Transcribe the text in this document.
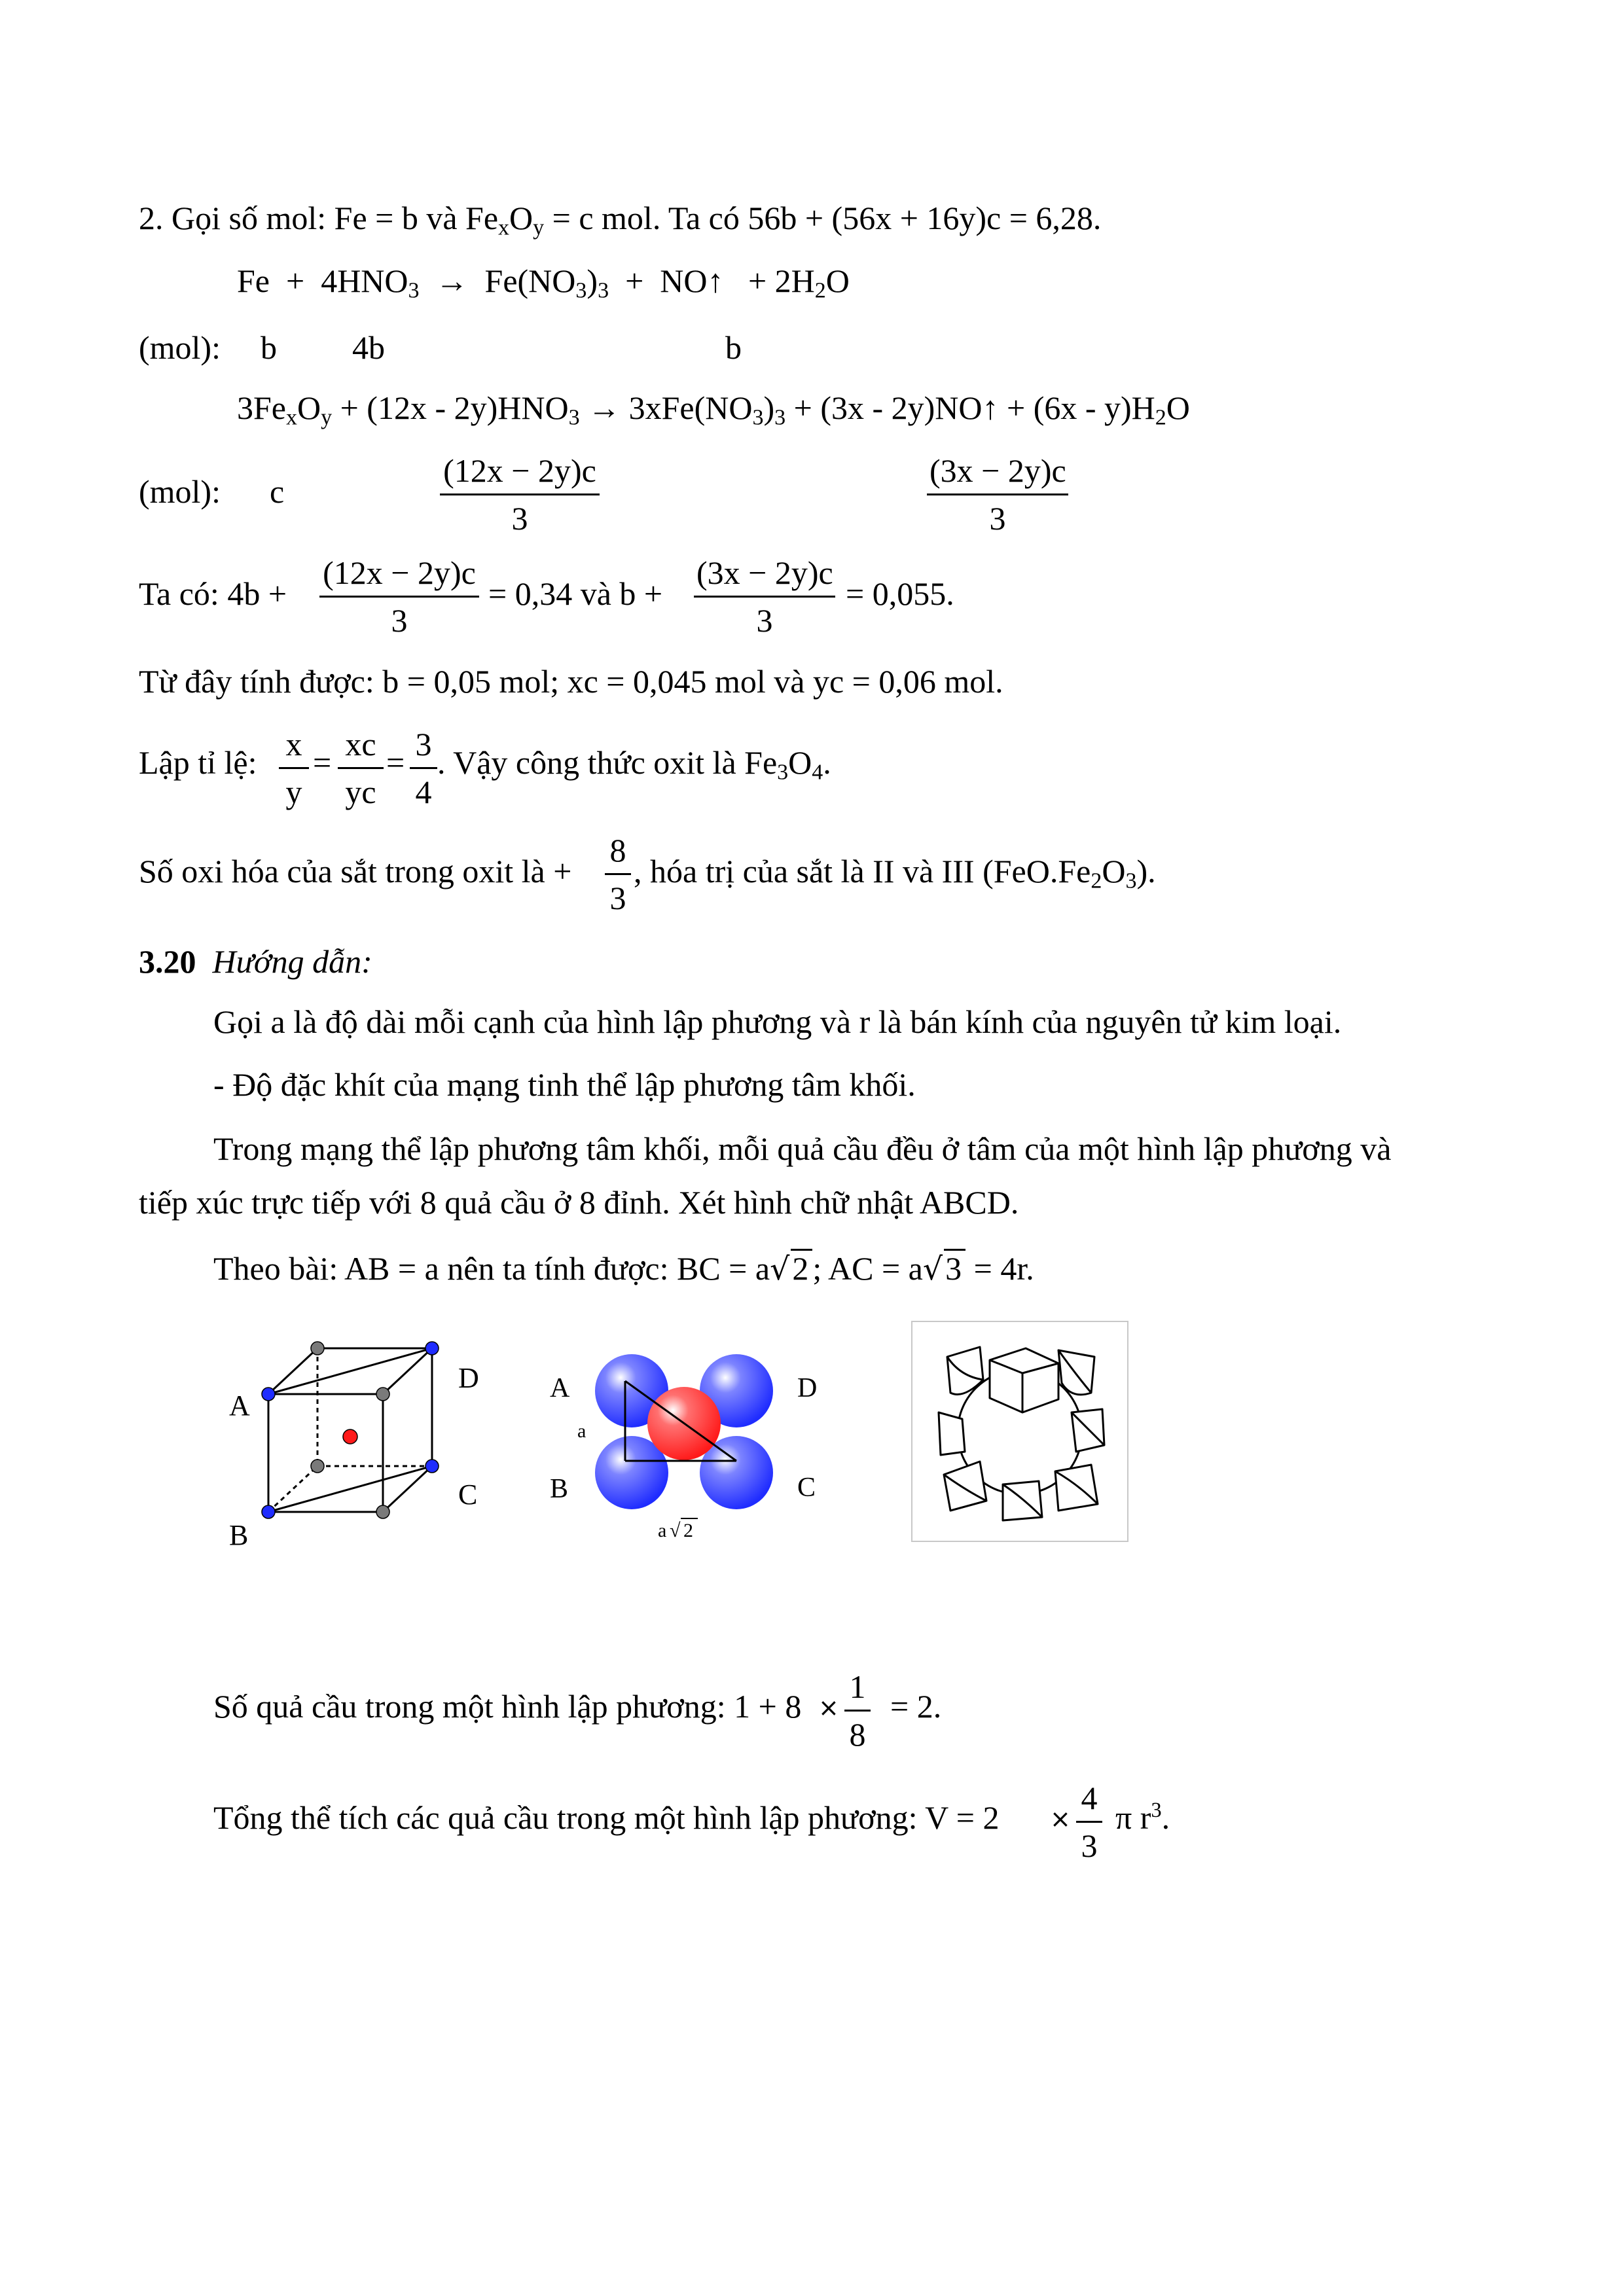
2. Gọi số mol: Fe = b và $Fe_xO_y = c$ mol. Ta có 56b + (56x + 16y)c = 6,28.
$Fe + 4HNO_3 \to Fe(NO_3)_3$ + NO↑ + $2H_2O$
(mol): b 4b	b
$3Fe_xO_y + (12x - 2y)HNO_3 \to 3xFe(NO_3)_3 + (3x$ - 2y)NO↑ + $(6x - y)H_2O$
(mol): c	$\frac{(12x - 2y)c}{3}$	$\frac{(3x - 2y)c}{3}$
Ta có: $4b + \frac{(12x - 2y)c}{3} = 0,34$ và $b + \frac{(3x - 2y)c}{3} = 0,055$.
Từ đây tính được: b = 0,05 mol; xc = 0,045 mol và yc = 0,06 mol.
Lập tỉ lệ: $\frac{x}{y} = \frac{xc}{yc} = \frac{3}{4}$ . Vậy công thức oxit là $Fe_3O_4$.
Số oxi hóa của sắt trong oxit là + $\frac{8}{3}$ , hóa trị của sắt là II và III $(FeO.Fe_2O_3)$.
3.20 Hướng dẫn:
Gọi a là độ dài mỗi cạnh của hình lập phương và r là bán kính của nguyên tử kim loại.
- Độ đặc khít của mạng tinh thể lập phương tâm khối.
Trong mạng thể lập phương tâm khối, mỗi quả cầu đều ở tâm của một hình lập phương và
tiếp xúc trực tiếp với 8 quả cầu ở 8 đỉnh. Xét hình chữ nhật ABCD.
Theo bài: AB = a nên ta tính được: BC = a√2 ; AC = a√3 = 4r.
A
B
C
D	A
B	C
D
a
a √ 2
Số quả cầu trong một hình lập phương: $1 + 8 \times \frac{1}{8} = 2$.
Tổng thể tích các quả cầu trong một hình lập phương: $V = 2 \times \frac{4}{3}$ π $r^3$.
